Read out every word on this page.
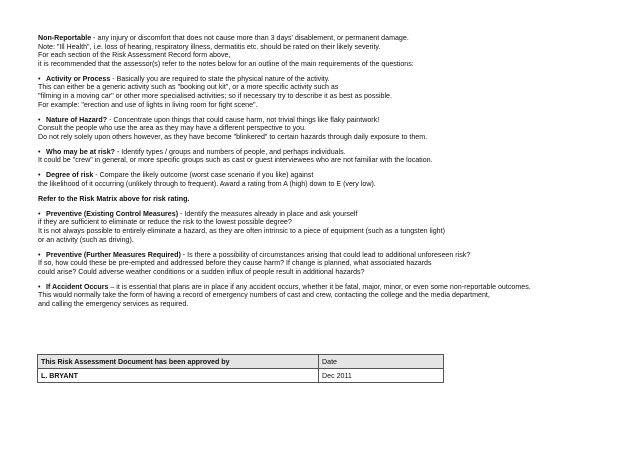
Non-Reportable - any injury or discomfort that does not cause more than 3 days' disablement, or permanent damage.
Note: "Ill Health", i.e. loss of hearing, respiratory illness, dermatitis etc. should be rated on their likely severity.
For each section of the Risk Assessment Record form above,
it is recommended that the assessor(s) refer to the notes below for an outline of the main requirements of the questions:
• Activity or Process - Basically you are required to state the physical nature of the activity.
This can either be a generic activity such as "booking out kit", or a more specific activity such as
"filming in a moving car" or other more specialised activities; so if necessary try to describe it as best as possible.
For example: "erection and use of lights in living room for fight scene".
• Nature of Hazard? - Concentrate upon things that could cause harm, not trivial things like flaky paintwork!
Consult the people who use the area as they may have a different perspective to you.
Do not rely solely upon others however, as they have become "blinkered" to certain hazards through daily exposure to them.
• Who may be at risk? - Identify types / groups and numbers of people, and perhaps individuals.
It could be "crew" in general, or more specific groups such as cast or guest interviewees who are not familiar with the location.
• Degree of risk - Compare the likely outcome (worst case scenario if you like) against
the likelihood of it occurring (unlikely through to frequent). Award a rating from A (high) down to E (very low).
Refer to the Risk Matrix above for risk rating.
• Preventive (Existing Control Measures) - Identify the measures already in place and ask yourself
if they are sufficient to eliminate or reduce the risk to the lowest possible degree?
It is not always possible to entirely eliminate a hazard, as they are often intrinsic to a piece of equipment (such as a tungsten light)
or an activity (such as driving).
• Preventive (Further Measures Required) - Is there a possibility of circumstances arising that could lead to additional unforeseen risk?
If so, how could these be pre-empted and addressed before they cause harm? If change is planned, what associated hazards
could arise? Could adverse weather conditions or a sudden influx of people result in additional hazards?
• If Accident Occurs – it is essential that plans are in place if any accident occurs, whether it be fatal, major, minor, or even some non-reportable outcomes.
This would normally take the form of having a record of emergency numbers of cast and crew, contacting the college and the media department,
and calling the emergency services as required.
This Risk Assessment Document has been approved by	Date
L. BRYANT	Dec 2011
